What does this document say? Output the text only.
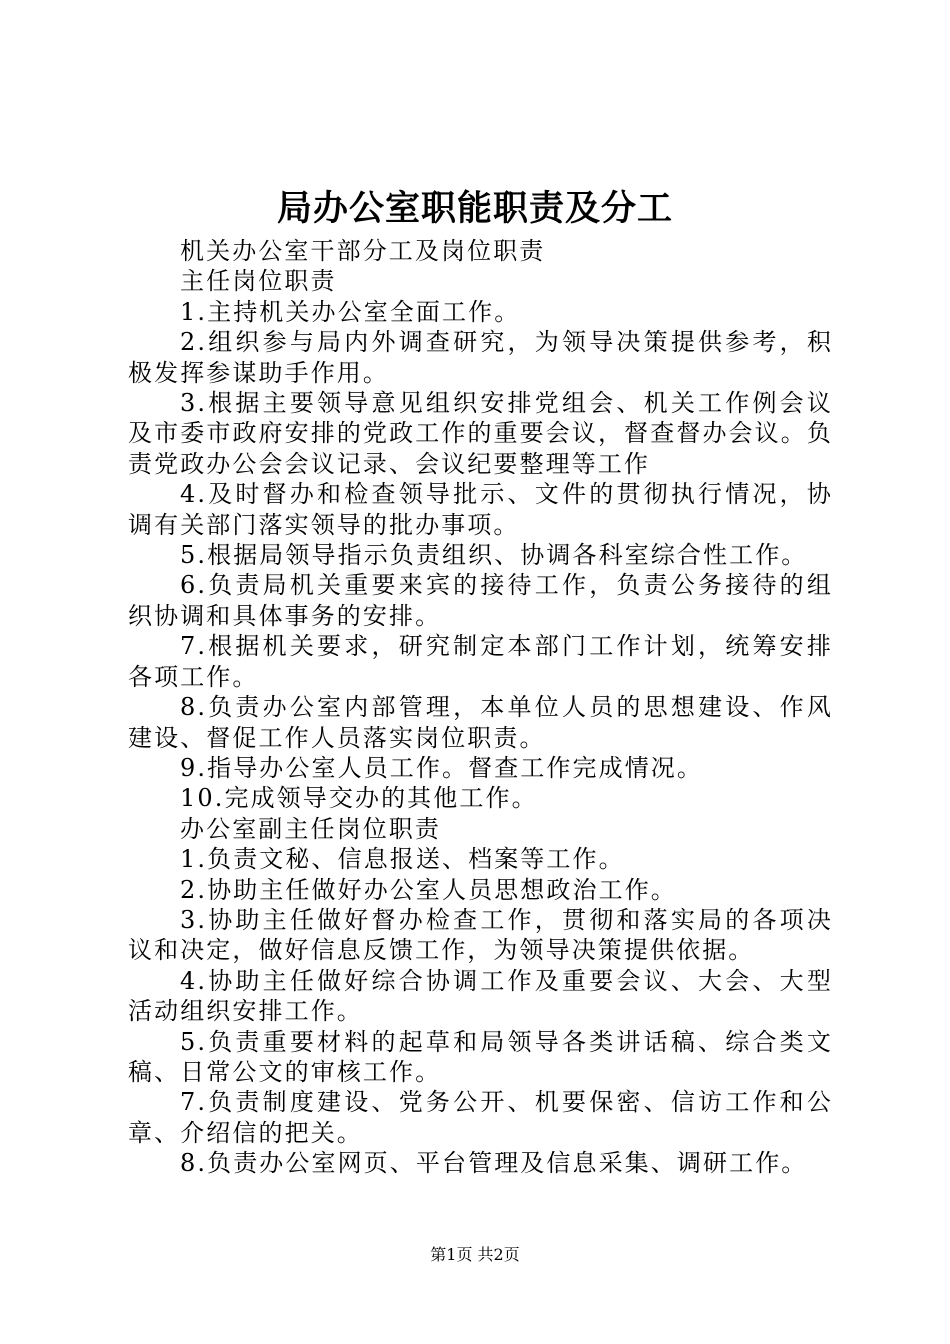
局办公室职能职责及分工

机关办公室干部分工及岗位职责

主任岗位职责

1.主持机关办公室全面工作。

2.组织参与局内外调查研究，为领导决策提供参考，积极发挥参谋助手作用。

3.根据主要领导意见组织安排党组会、机关工作例会议及市委市政府安排的党政工作的重要会议，督查督办会议。负责党政办公会会议记录、会议纪要整理等工作

4.及时督办和检查领导批示、文件的贯彻执行情况，协调有关部门落实领导的批办事项。

5.根据局领导指示负责组织、协调各科室综合性工作。

6.负责局机关重要来宾的接待工作，负责公务接待的组织协调和具体事务的安排。

7.根据机关要求，研究制定本部门工作计划，统筹安排各项工作。

8.负责办公室内部管理，本单位人员的思想建设、作风建设、督促工作人员落实岗位职责。

9.指导办公室人员工作。督查工作完成情况。

10.完成领导交办的其他工作。

办公室副主任岗位职责

1.负责文秘、信息报送、档案等工作。

2.协助主任做好办公室人员思想政治工作。

3.协助主任做好督办检查工作，贯彻和落实局的各项决议和决定，做好信息反馈工作，为领导决策提供依据。

4.协助主任做好综合协调工作及重要会议、大会、大型活动组织安排工作。

5.负责重要材料的起草和局领导各类讲话稿、综合类文稿、日常公文的审核工作。

7.负责制度建设、党务公开、机要保密、信访工作和公章、介绍信的把关。

8.负责办公室网页、平台管理及信息采集、调研工作。

第1页 共2页
